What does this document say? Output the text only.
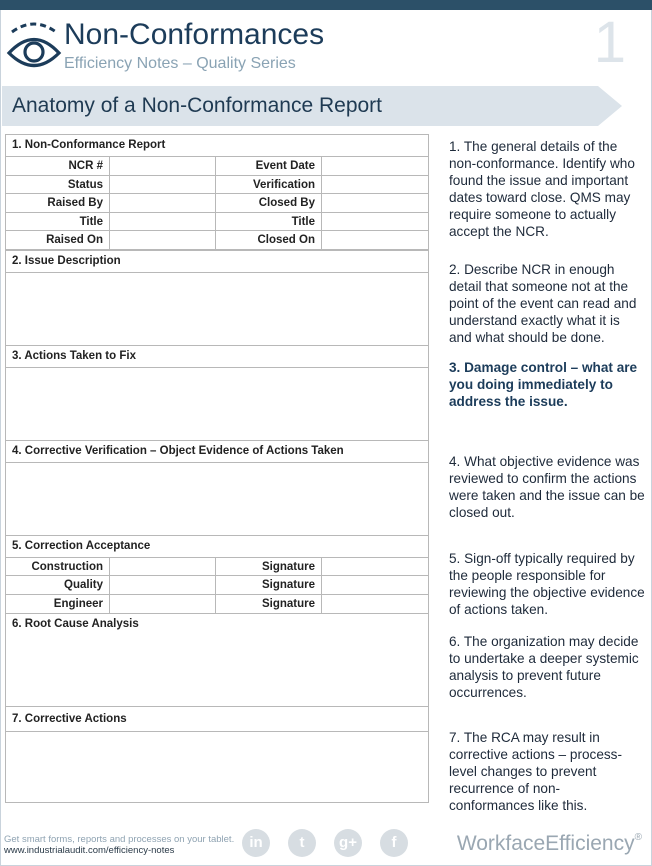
Non-Conformances
Efficiency Notes – Quality Series	1
Anatomy of a Non-Conformance Report
1. Non-Conformance Report
NCR #	Event Date
Status	Verification
Raised By	Closed By
Title	Title
Raised On	Closed On
2. Issue Description
3. Actions Taken to Fix
4. Corrective Verification – Object Evidence of Actions Taken
5. Correction Acceptance
Construction	Signature
Quality	Signature
Engineer	Signature
6. Root Cause Analysis
7. Corrective Actions
1. The general details of the non-conformance. Identify who found the issue and important dates toward close. QMS may require someone to actually accept the NCR.
2. Describe NCR in enough detail that someone not at the point of the event can read and understand exactly what it is and what should be done.
3. Damage control – what are you doing immediately to address the issue.
4. What objective evidence was reviewed to confirm the actions were taken and the issue can be closed out.
5. Sign-off typically required by the people responsible for reviewing the objective evidence of actions taken.
6. The organization may decide to undertake a deeper systemic analysis to prevent future occurrences.
7. The RCA may result in corrective actions – process-level changes to prevent recurrence of non-conformances like this.
Get smart forms, reports and processes on your tablet.
www.industrialaudit.com/efficiency-notes	in	t	g+	f	WorkfaceEfficiency®
